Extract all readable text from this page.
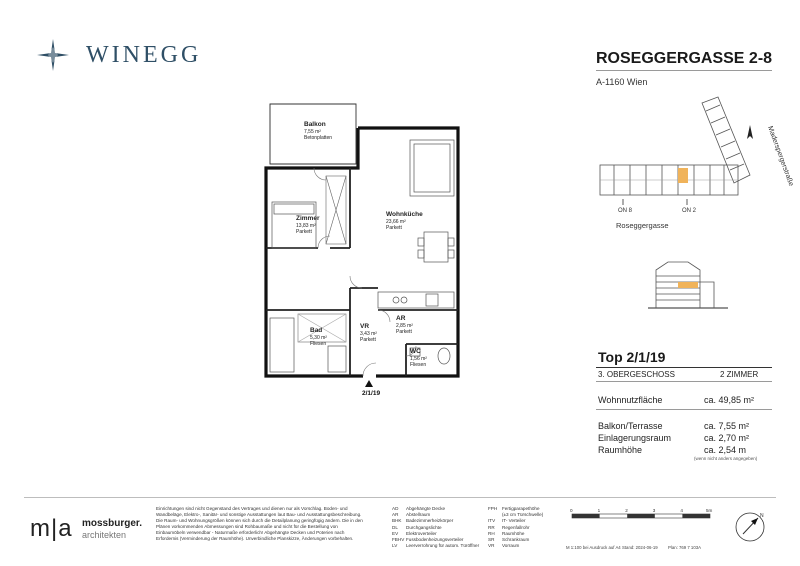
WINEGG	ROSEGGERGASSE 2-8
A-1160 Wien
Maderspergerstraße
ON 8	ON 2
Roseggergasse
Top 2/1/19
3. OBERGESCHOSS	2 ZIMMER
Wohnnutzfläche	ca. 49,85 m²
Balkon/Terrasse	ca. 7,55 m²
Einlagerungsraum	ca. 2,70 m²
Raumhöhe	ca. 2,54 m
(wenn nicht anders angegeben)
Balkon
7,55 m²
Betonplatten
Wohnküche
23,66 m²
Parkett
Zimmer
13,83 m²
Parkett
VR
3,43 m²
Parkett
AR
2,85 m²
Parkett
Bad
5,30 m²
Fliesen
WC
1,56 m²
Fliesen
2/1/19
m|a mossburger.
architekten
Einrichtungen sind nicht Gegenstand des Vertrages und dienen nur als Vorschlag. Boden- und Wandbeläge, Elektro-, Sanitär- und sonstige Ausstattungen laut Bau- und Ausstattungsbeschreibung. Die Raum- und Wohnungsgrößen können sich durch die Detailplanung geringfügig ändern. Die in den Plänen vorkommenden Abmessungen sind Rohbaumaße und nicht für die Bestellung von Einbaumöbeln verwendbar - Naturmaße erforderlich! Abgehängte Decken und Poterien nach Erfordernis (Verminderung der Raumhöhe). Unverbindliche Planskizze, Änderungen vorbehalten.
AD Abgehängte Decke
AR Abstellraum
BHK Badezimmerheizkörper
DL Durchgangslichte
EV Elektroverteiler
FBHV Fussbodenheizungsverteiler
LV Leerverrohrung für autom. Türöffner
FPH Fertigparapethöhe
(±3 cm Türschwelle)
ITV IT- Verteiler
RR Regenfallrohr
RH Raumhöhe
SR Schrankraum
VR Vorraum
0	1	2	3	4	5m
M 1:100 bei Ausdruck auf A4 Stand: 2024-06-19 Plan: 769 7 103A
N
